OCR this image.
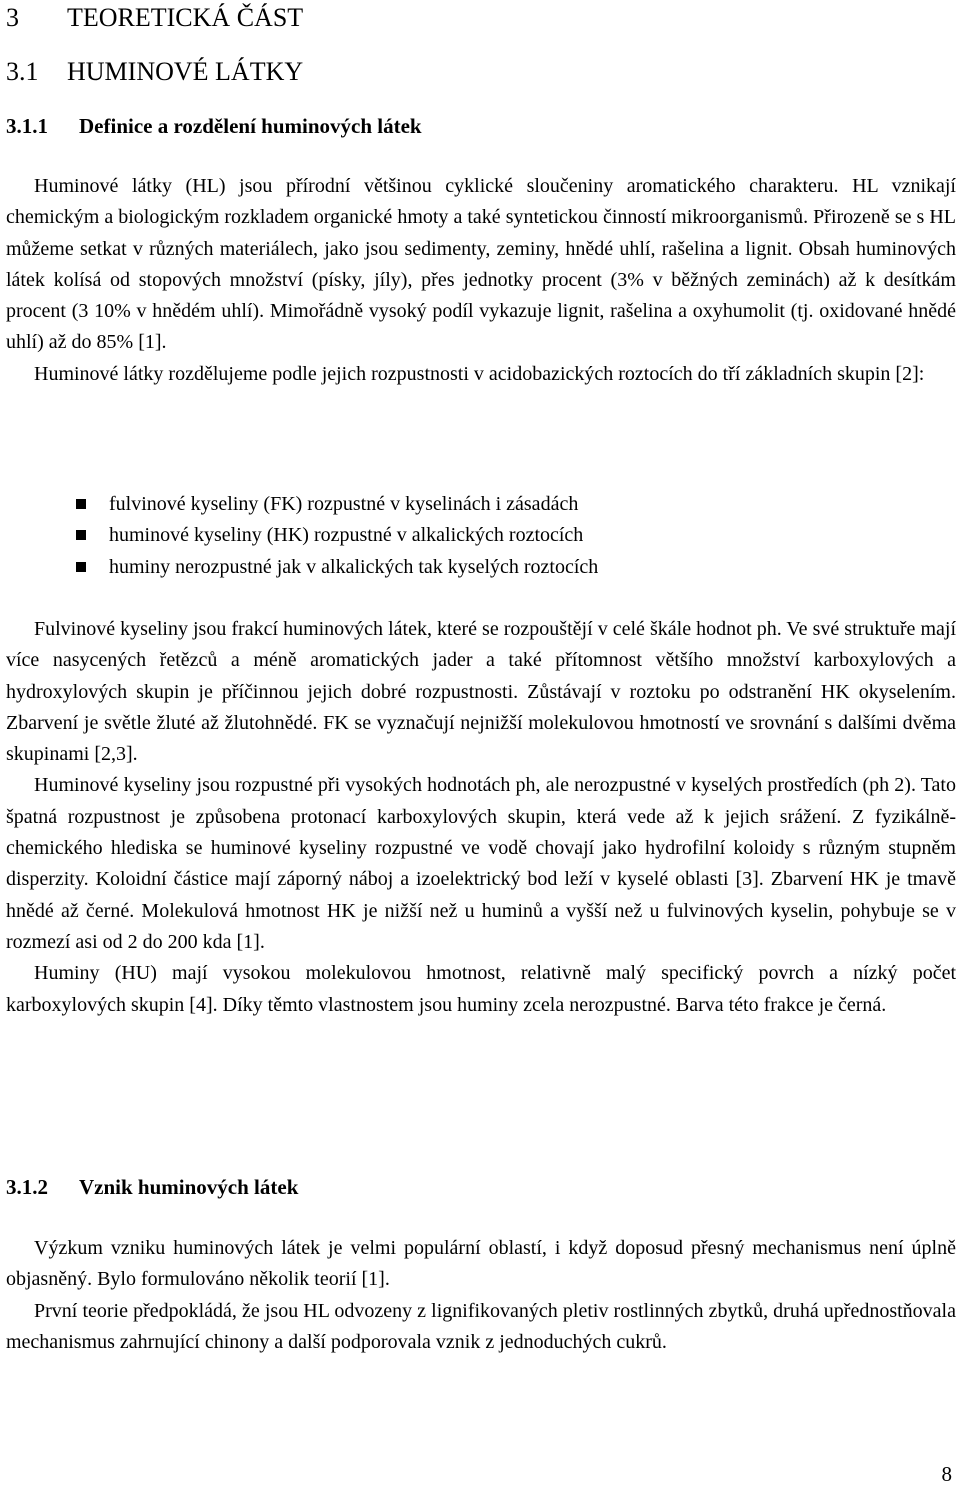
3 TEORETICKÁ ČÁST
3.1 HUMINOVÉ LÁTKY
3.1.1 Definice a rozdělení huminových látek

Huminové látky (HL) jsou přírodní většinou cyklické sloučeniny aromatického charakteru. HL vznikají chemickým a biologickým rozkladem organické hmoty a také syntetickou činností mikroorganismů. Přirozeně se s HL můžeme setkat v různých materiálech, jako jsou sedimenty, zeminy, hnědé uhlí, rašelina a lignit. Obsah huminových látek kolísá od stopových množství (písky, jíly), přes jednotky procent (3% v běžných zeminách) až k desítkám procent (3 10% v hnědém uhlí). Mimořádně vysoký podíl vykazuje lignit, rašelina a oxyhumolit (tj. oxidované hnědé uhlí) až do 85% [1].

Huminové látky rozdělujeme podle jejich rozpustnosti v acidobazických roztocích do tří základních skupin [2]:

fulvinové kyseliny (FK) rozpustné v kyselinách i zásadách
huminové kyseliny (HK) rozpustné v alkalických roztocích
huminy nerozpustné jak v alkalických tak kyselých roztocích

Fulvinové kyseliny jsou frakcí huminových látek, které se rozpouštějí v celé škále hodnot ph. Ve své struktuře mají více nasycených řetězců a méně aromatických jader a také přítomnost většího množství karboxylových a hydroxylových skupin je příčinnou jejich dobré rozpustnosti. Zůstávají v roztoku po odstranění HK okyselením. Zbarvení je světle žluté až žlutohnědé. FK se vyznačují nejnižší molekulovou hmotností ve srovnání s dalšími dvěma skupinami [2,3].

Huminové kyseliny jsou rozpustné při vysokých hodnotách ph, ale nerozpustné v kyselých prostředích (ph 2). Tato špatná rozpustnost je způsobena protonací karboxylových skupin, která vede až k jejich srážení. Z fyzikálně-chemického hlediska se huminové kyseliny rozpustné ve vodě chovají jako hydrofilní koloidy s různým stupněm disperzity. Koloidní částice mají záporný náboj a izoelektrický bod leží v kyselé oblasti [3]. Zbarvení HK je tmavě hnědé až černé. Molekulová hmotnost HK je nižší než u huminů a vyšší než u fulvinových kyselin, pohybuje se v rozmezí asi od 2 do 200 kda [1].

Huminy (HU) mají vysokou molekulovou hmotnost, relativně malý specifický povrch a nízký počet karboxylových skupin [4]. Díky těmto vlastnostem jsou huminy zcela nerozpustné. Barva této frakce je černá.

3.1.2 Vznik huminových látek

Výzkum vzniku huminových látek je velmi populární oblastí, i když doposud přesný mechanismus není úplně objasněný. Bylo formulováno několik teorií [1].

První teorie předpokládá, že jsou HL odvozeny z lignifikovaných pletiv rostlinných zbytků, druhá upřednostňovala mechanismus zahrnující chinony a další podporovala vznik z jednoduchých cukrů.

8
